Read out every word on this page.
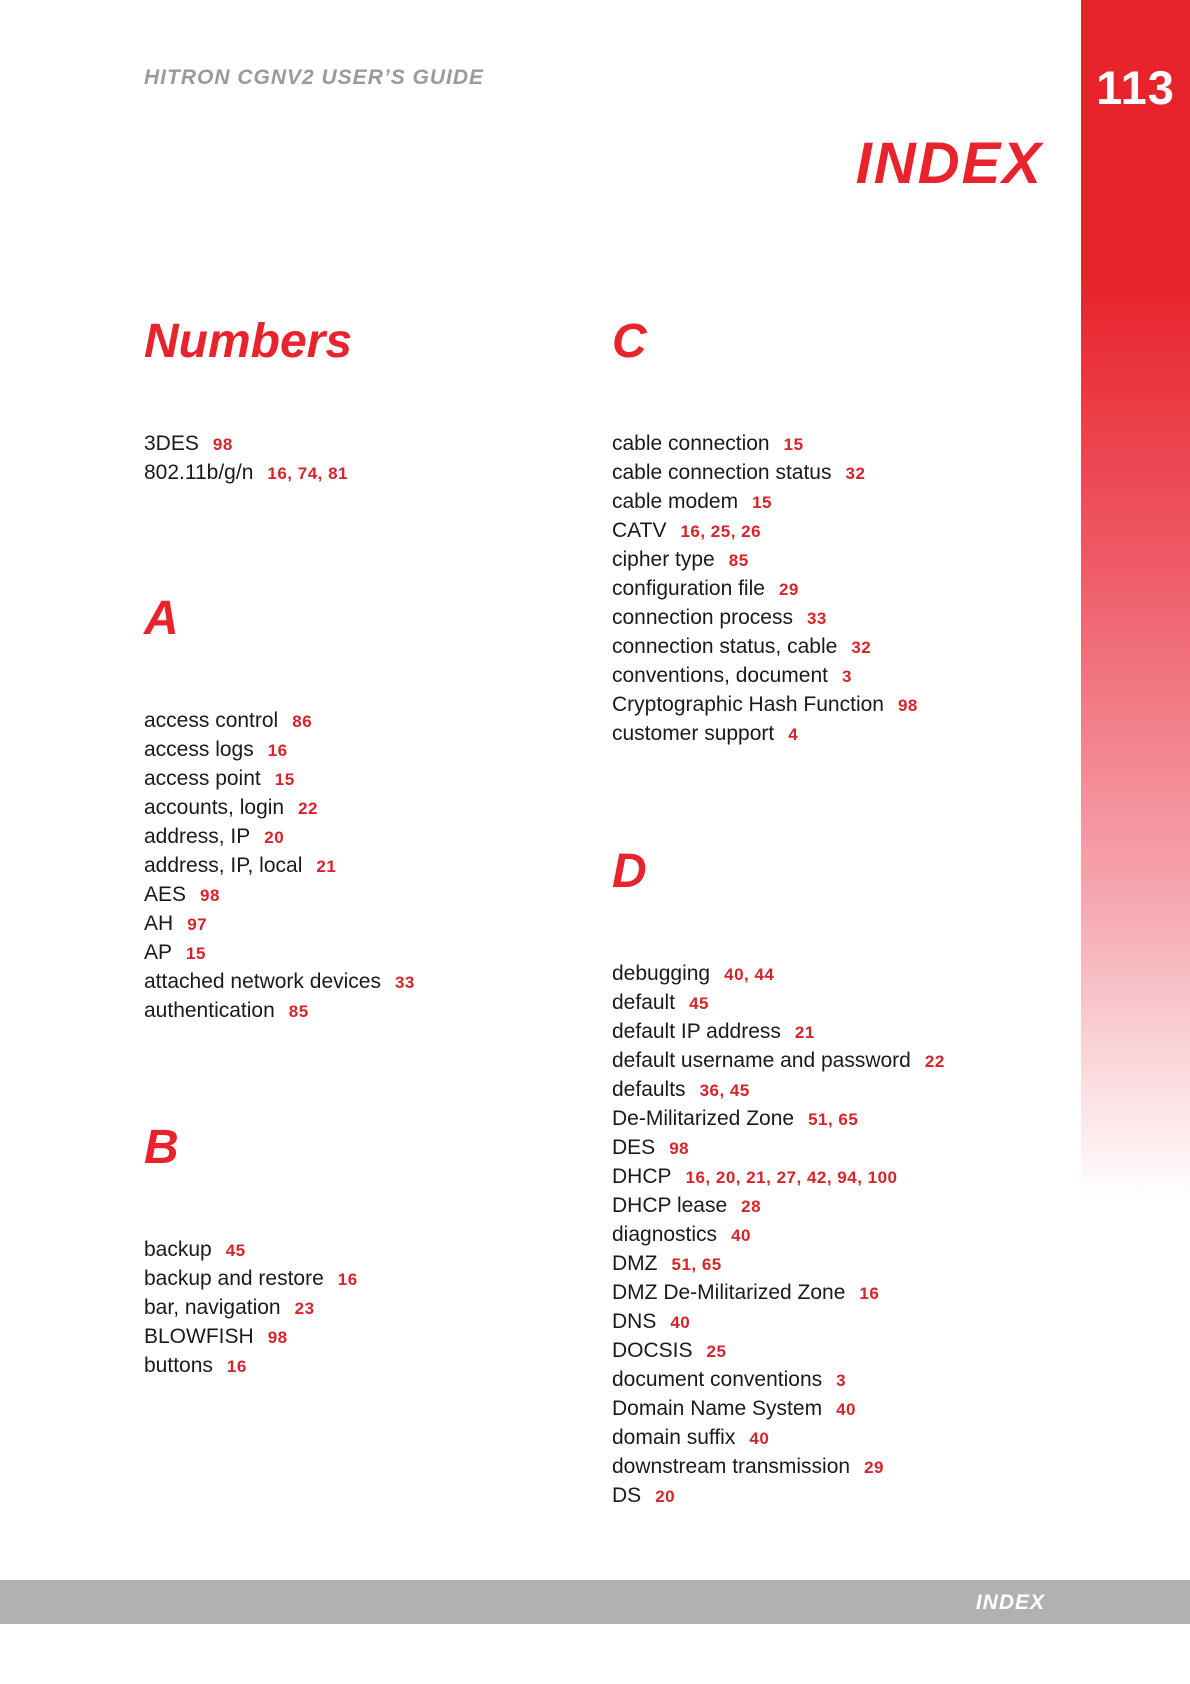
113
HITRON CGNV2 USER’S GUIDE
INDEX
Numbers
3DES 98
802.11b/g/n 16, 74, 81
A
access control 86
access logs 16
access point 15
accounts, login 22
address, IP 20
address, IP, local 21
AES 98
AH 97
AP 15
attached network devices 33
authentication 85
B
backup 45
backup and restore 16
bar, navigation 23
BLOWFISH 98
buttons 16
C
cable connection 15
cable connection status 32
cable modem 15
CATV 16, 25, 26
cipher type 85
configuration file 29
connection process 33
connection status, cable 32
conventions, document 3
Cryptographic Hash Function 98
customer support 4
D
debugging 40, 44
default 45
default IP address 21
default username and password 22
defaults 36, 45
De-Militarized Zone 51, 65
DES 98
DHCP 16, 20, 21, 27, 42, 94, 100
DHCP lease 28
diagnostics 40
DMZ 51, 65
DMZ De-Militarized Zone 16
DNS 40
DOCSIS 25
document conventions 3
Domain Name System 40
domain suffix 40
downstream transmission 29
DS 20
INDEX
